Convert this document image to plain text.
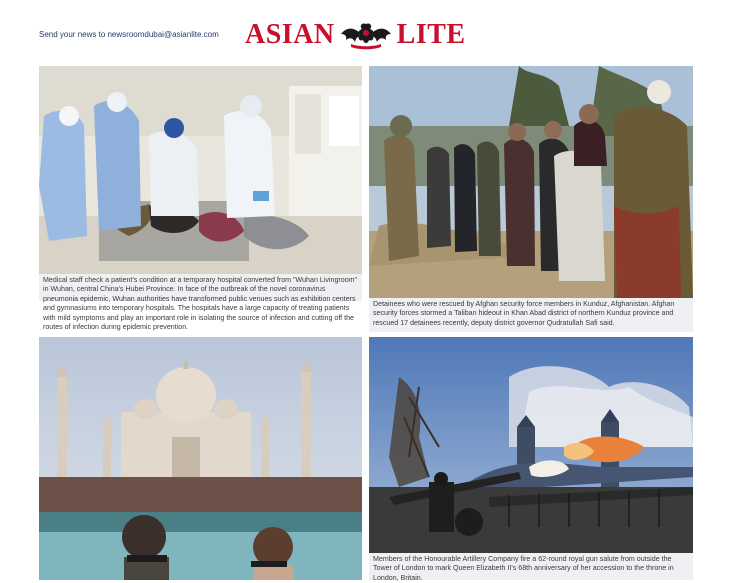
Send your news to newsroomdubai@asianlite.com ASIAN LITE
Medical staff check a patient's condition at a temporary hospital converted from "Wuhan Livingroom" in Wuhan, central China's Hubei Province. In face of the outbreak of the novel coronavirus pneumonia epidemic, Wuhan authorities have transformed public venues such as exhibition centers and gymnasiums into temporary hospitals. The hospitals have a large capacity of treating patients with mild symptoms and play an important role in isolating the source of infection and cutting off the routes of infection during epidemic prevention.
Detainees who were rescued by Afghan security force members in Kunduz, Afghanistan. Afghan security forces stormed a Taliban hideout in Khan Abad district of northern Kunduz province and rescued 17 detainees recently, deputy district governor Qudratullah Safi said.
Members of the Honourable Artillery Company fire a 62-round royal gun salute from outside the Tower of London to mark Queen Elizabeth II's 68th anniversary of her accession to the throne in London, Britain.
